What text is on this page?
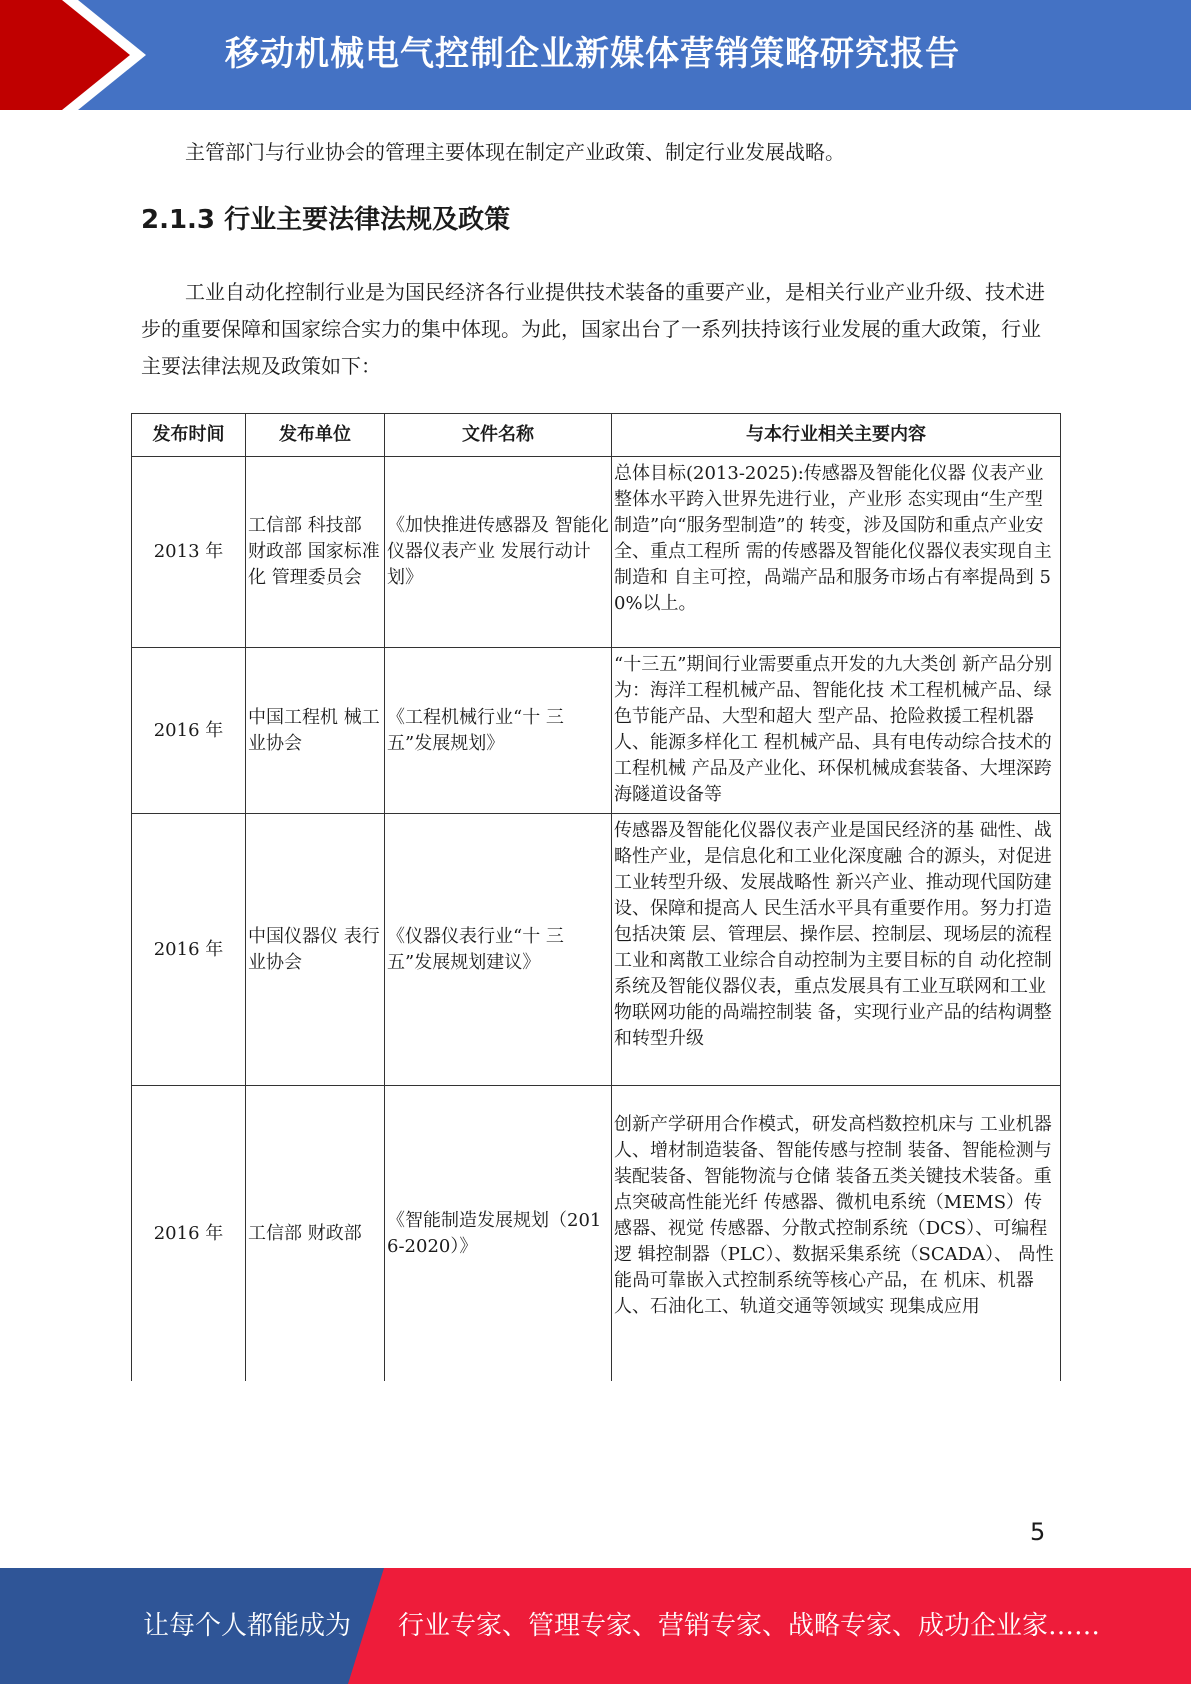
移动机械电气控制企业新媒体营销策略研究报告

主管部门与行业协会的管理主要体现在制定产业政策、制定行业发展战略。

2.1.3 行业主要法律法规及政策

工业自动化控制行业是为国民经济各行业提供技术装备的重要产业，是相关行业产业升级、技术进步的重要保障和国家综合实力的集中体现。为此，国家出台了一系列扶持该行业发展的重大政策，行业主要法律法规及政策如下：

发布时间	发布单位	文件名称	与本行业相关主要内容
2013 年	工信部 科技部 财政部 国家标准化 管理委员会	《加快推进传感器及 智能化仪器仪表产业 发展行动计划》	总体目标(2013-2025):传感器及智能化仪器 仪表产业整体水平跨入世界先进行业，产业形 态实现由“生产型制造”向“服务型制造”的 转变，涉及国防和重点产业安全、重点工程所 需的传感器及智能化仪器仪表实现自主制造和 自主可控，咼端产品和服务市场占有率提咼到 50%以上。
2016 年	中国工程机 械工业协会	《工程机械行业“十 三五”发展规划》	“十三五”期间行业需要重点开发的九大类创 新产品分别为：海洋工程机械产品、智能化技 术工程机械产品、绿色节能产品、大型和超大 型产品、抢险救援工程机器人、能源多样化工 程机械产品、具有电传动综合技术的工程机械 产品及产业化、环保机械成套装备、大埋深跨海隧道设备等
2016 年	中国仪器仪 表行业协会	《仪器仪表行业“十 三五”发展规划建议》	传感器及智能化仪器仪表产业是国民经济的基 础性、战略性产业，是信息化和工业化深度融 合的源头，对促进工业转型升级、发展战略性 新兴产业、推动现代国防建设、保障和提高人 民生活水平具有重要作用。努力打造包括决策 层、管理层、操作层、控制层、现场层的流程 工业和离散工业综合自动控制为主要目标的自 动化控制系统及智能仪器仪表，重点发展具有工业互联网和工业物联网功能的咼端控制装 备，实现行业产品的结构调整和转型升级
2016 年	工信部 财政部	《智能制造发展规划（2016-2020）》	创新产学研用合作模式，研发高档数控机床与 工业机器人、增材制造装备、智能传感与控制 装备、智能检测与装配装备、智能物流与仓储 装备五类关键技术装备。重点突破高性能光纤 传感器、微机电系统（MEMS）传感器、视觉 传感器、分散式控制系统（DCS）、可编程逻 辑控制器（PLC）、数据采集系统（SCADA）、 咼性能咼可靠嵌入式控制系统等核心产品，在 机床、机器人、石油化工、轨道交通等领域实 现集成应用
5
让每个人都能成为 行业专家、管理专家、营销专家、战略专家、成功企业家……
